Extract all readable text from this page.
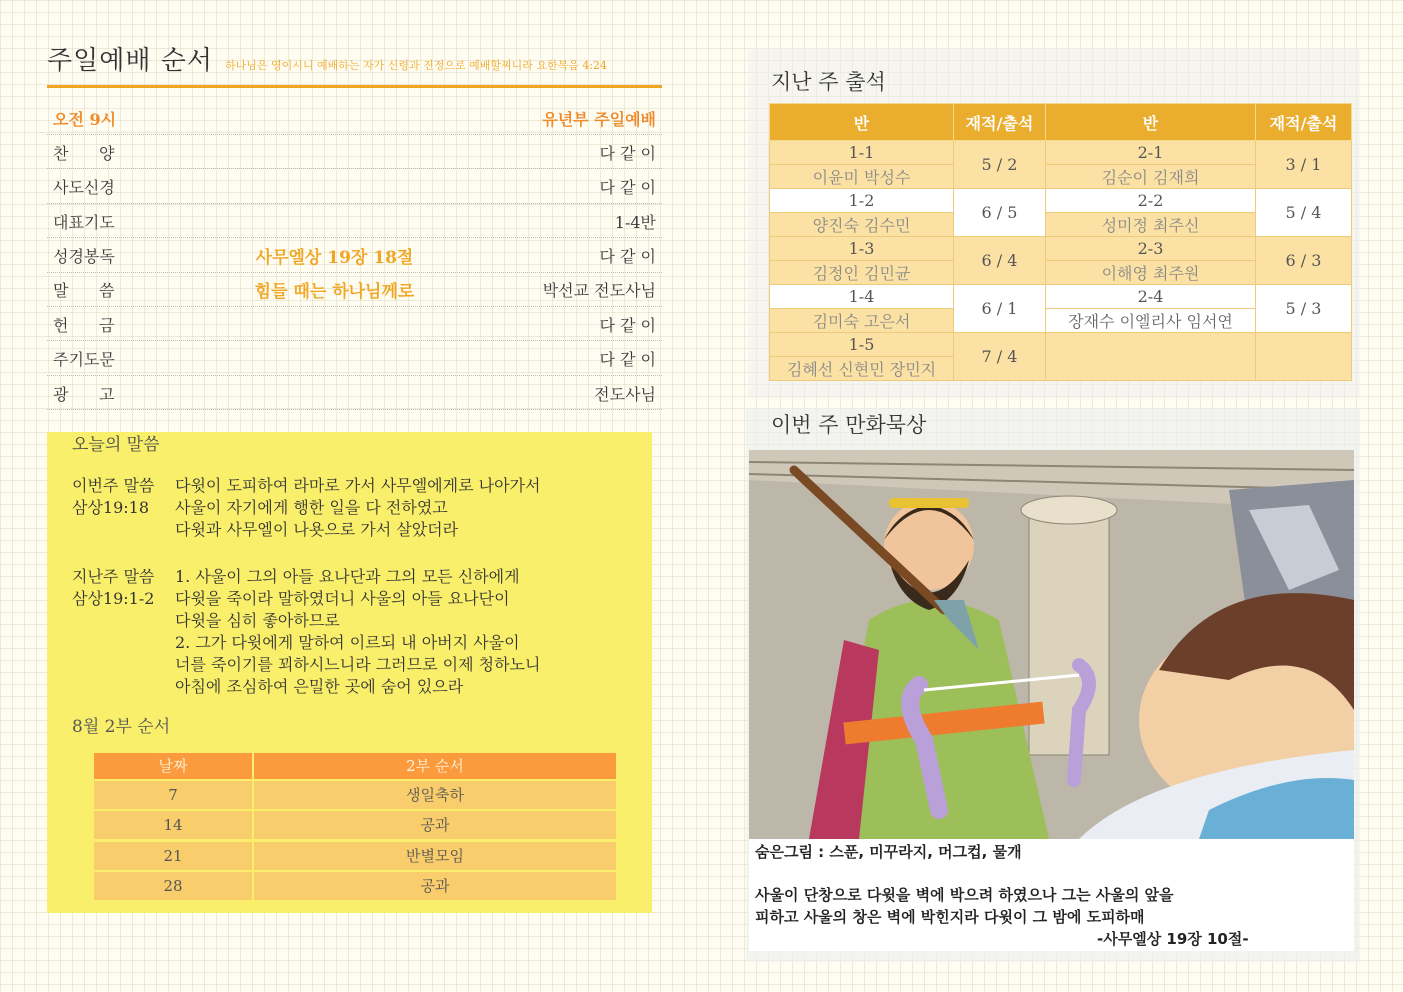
주일예배 순서 하나님은 영이시니 예배하는 자가 신령과 진정으로 예배할찌니라 요한복음 4:24
오전 9시	유년부 주일예배
찬      양	다 같 이
사도신경	다 같 이
대표기도	1-4반
성경봉독	사무엘상 19장 18절	다 같 이
말      씀	힘들 때는 하나님께로	박선교 전도사님
헌      금	다 같 이
주기도문	다 같 이
광      고	전도사님
오늘의 말씀
이번주 말씀
삼상19:18
다윗이 도피하여 라마로 가서 사무엘에게로 나아가서
사울이 자기에게 행한 일을 다 전하였고
다윗과 사무엘이 나욧으로 가서 살았더라
지난주 말씀
삼상19:1-2
1. 사울이 그의 아들 요나단과 그의 모든 신하에게
다윗을 죽이라 말하였더니 사울의 아들 요나단이
다윗을 심히 좋아하므로
2. 그가 다윗에게 말하여 이르되 내 아버지 사울이
너를 죽이기를 꾀하시느니라 그러므로 이제 청하노니
아침에 조심하여 은밀한 곳에 숨어 있으라
8월 2부 순서
날짜	2부 순서
7	생일축하
14	공과
21	반별모임
28	공과
지난 주 출석
반	재적/출석	반	재적/출석
1-1	5 / 2	2-1	3 / 1
이윤미 박성수		김순이 김재희	
1-2	6 / 5	2-2	5 / 4
양진숙 김수민		성미정 최주신	
1-3	6 / 4	2-3	6 / 3
김정인 김민균		이해영 최주원	
1-4	6 / 1	2-4	5 / 3
김미숙 고은서		장재수 이엘리사 임서연	
1-5	7 / 4		
김혜선 신현민 장민지			
이번 주 만화묵상
숨은그림 : 스푼, 미꾸라지, 머그컵, 물개
사울이 단창으로 다윗을 벽에 박으려 하였으나 그는 사울의 앞을
피하고 사울의 창은 벽에 박힌지라 다윗이 그 밤에 도피하매
-사무엘상 19장 10절-
